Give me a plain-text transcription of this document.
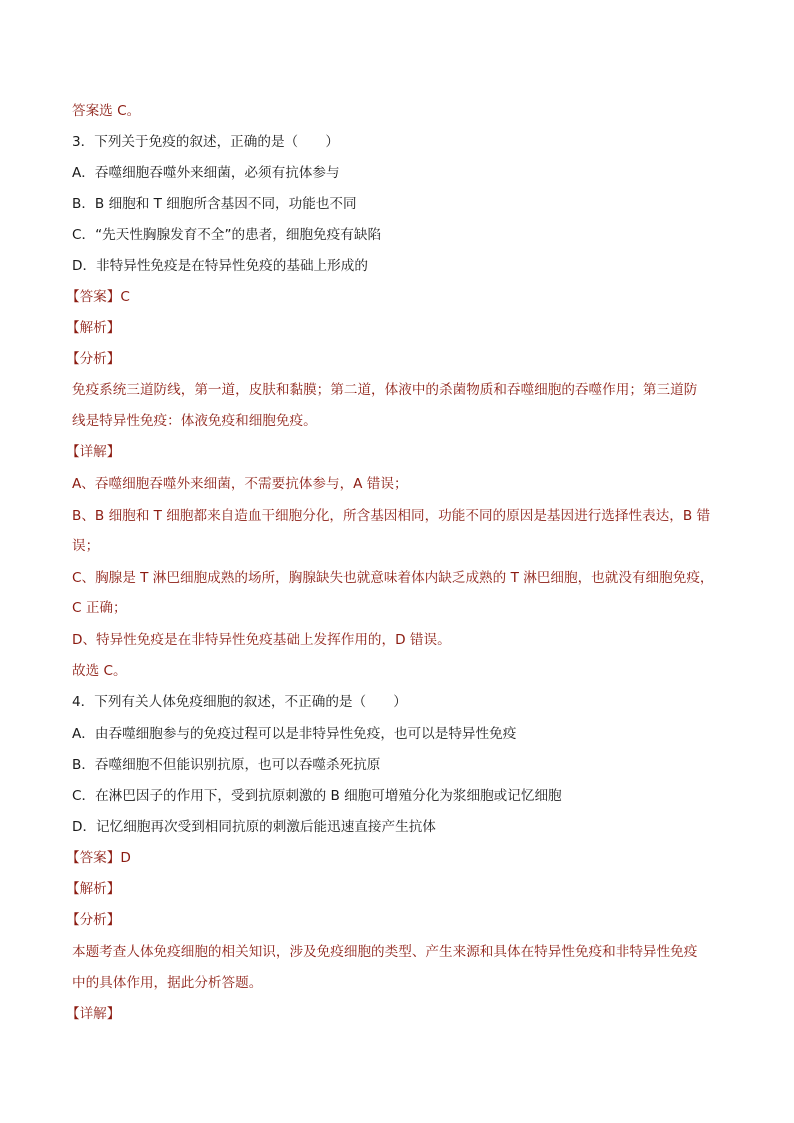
答案选 C。
3．下列关于免疫的叙述，正确的是（　　）
A．吞噬细胞吞噬外来细菌，必须有抗体参与
B．B 细胞和 T 细胞所含基因不同，功能也不同
C．“先天性胸腺发育不全”的患者，细胞免疫有缺陷
D．非特异性免疫是在特异性免疫的基础上形成的
【答案】C
【解析】
【分析】
免疫系统三道防线，第一道，皮肤和黏膜；第二道，体液中的杀菌物质和吞噬细胞的吞噬作用；第三道防
线是特异性免疫：体液免疫和细胞免疫。
【详解】
A、吞噬细胞吞噬外来细菌，不需要抗体参与，A 错误；
B、B 细胞和 T 细胞都来自造血干细胞分化，所含基因相同，功能不同的原因是基因进行选择性表达，B 错
误；
C、胸腺是 T 淋巴细胞成熟的场所，胸腺缺失也就意味着体内缺乏成熟的 T 淋巴细胞，也就没有细胞免疫，
C 正确；
D、特异性免疫是在非特异性免疫基础上发挥作用的，D 错误。
故选 C。
4．下列有关人体免疫细胞的叙述，不正确的是（　　）
A．由吞噬细胞参与的免疫过程可以是非特异性免疫，也可以是特异性免疫
B．吞噬细胞不但能识别抗原，也可以吞噬杀死抗原
C．在淋巴因子的作用下，受到抗原刺激的 B 细胞可增殖分化为浆细胞或记忆细胞
D．记忆细胞再次受到相同抗原的刺激后能迅速直接产生抗体
【答案】D
【解析】
【分析】
本题考查人体免疫细胞的相关知识，涉及免疫细胞的类型、产生来源和具体在特异性免疫和非特异性免疫
中的具体作用，据此分析答题。
【详解】
